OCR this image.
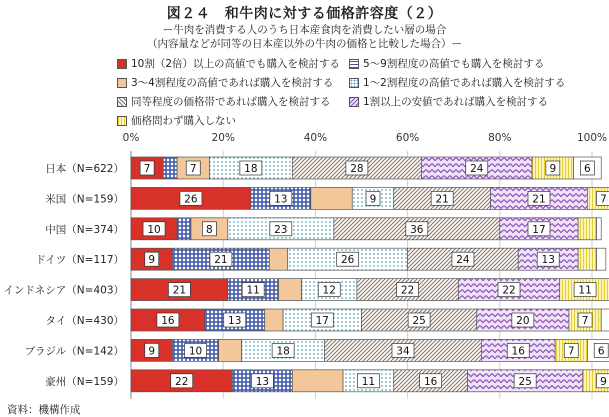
図２４　和牛肉に対する価格許容度（２）
ー牛肉を消費する人のうち日本産食肉を消費したい層の場合
（内容量などが同等の日本産以外の牛肉の価格と比較した場合）ー
10割（2倍）以上の高値でも購入を検討する 5～9割程度の高値でも購入を検討する
3～4割程度の高値であれば購入を検討する	1～2割程度の高値であれば購入を検討する
同等程度の価格帯であれば購入を検討する	1割以上の安値であれば購入を検討する
価格問わず購入しない
7	7	18	28	24	9	6
26	13	9	21	21	7
10	8	23	36	17
9	21	26	24	13
21	11	12	22	22	11
16	13	17	25	20	7
9	10	18	34	16	7 6
22	13	11	16	25	9
0%	20%	40%	60%	80%	100%
日本（N=622）
米国（N=159）
中国（N=374）
ドイツ（N=117）
インドネシア（N=403）
タイ（N=430）
ブラジル（N=142）
豪州（N=159）
資料：機構作成
